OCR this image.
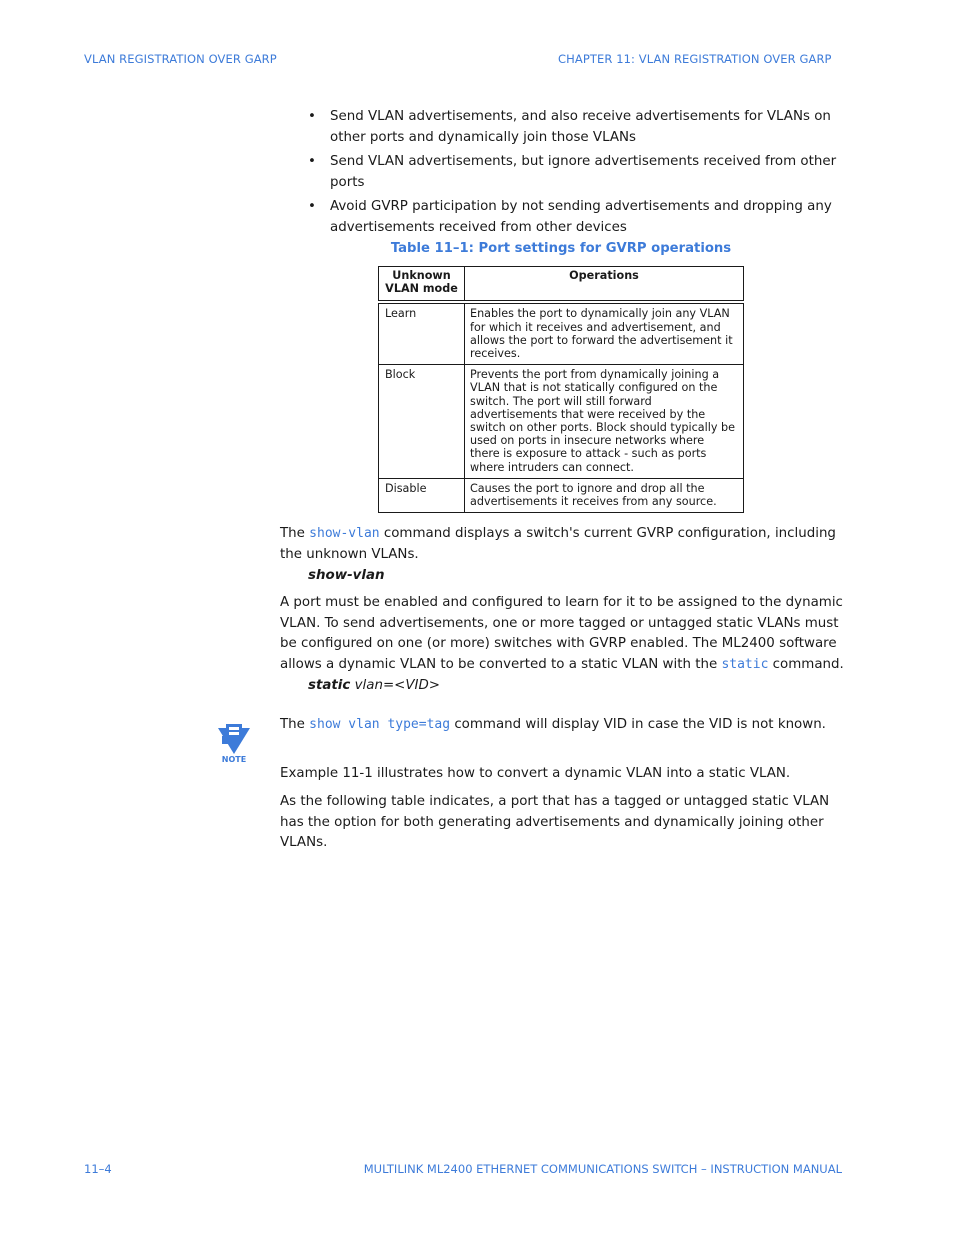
VLAN REGISTRATION OVER GARP	CHAPTER 11: VLAN REGISTRATION OVER GARP
• Send VLAN advertisements, and also receive advertisements for VLANs on other ports and dynamically join those VLANs
• Send VLAN advertisements, but ignore advertisements received from other ports
• Avoid GVRP participation by not sending advertisements and dropping any advertisements received from other devices
Table 11–1: Port settings for GVRP operations
Unknown
VLAN mode	Operations
Learn	Enables the port to dynamically join any VLAN for which it receives and advertisement, and allows the port to forward the advertisement it receives.
Block	Prevents the port from dynamically joining a VLAN that is not statically configured on the switch. The port will still forward advertisements that were received by the switch on other ports. Block should typically be used on ports in insecure networks where there is exposure to attack - such as ports where intruders can connect.
Disable	Causes the port to ignore and drop all the advertisements it receives from any source.

The show-vlan command displays a switch's current GVRP configuration, including the unknown VLANs.

show-vlan

A port must be enabled and configured to learn for it to be assigned to the dynamic VLAN. To send advertisements, one or more tagged or untagged static VLANs must be configured on one (or more) switches with GVRP enabled. The ML2400 software allows a dynamic VLAN to be converted to a static VLAN with the static command.

static vlan=<VID>
NOTE

The show vlan type=tag command will display VID in case the VID is not known.

Example 11-1 illustrates how to convert a dynamic VLAN into a static VLAN.

As the following table indicates, a port that has a tagged or untagged static VLAN has the option for both generating advertisements and dynamically joining other VLANs.

11–4	MULTILINK ML2400 ETHERNET COMMUNICATIONS SWITCH – INSTRUCTION MANUAL
